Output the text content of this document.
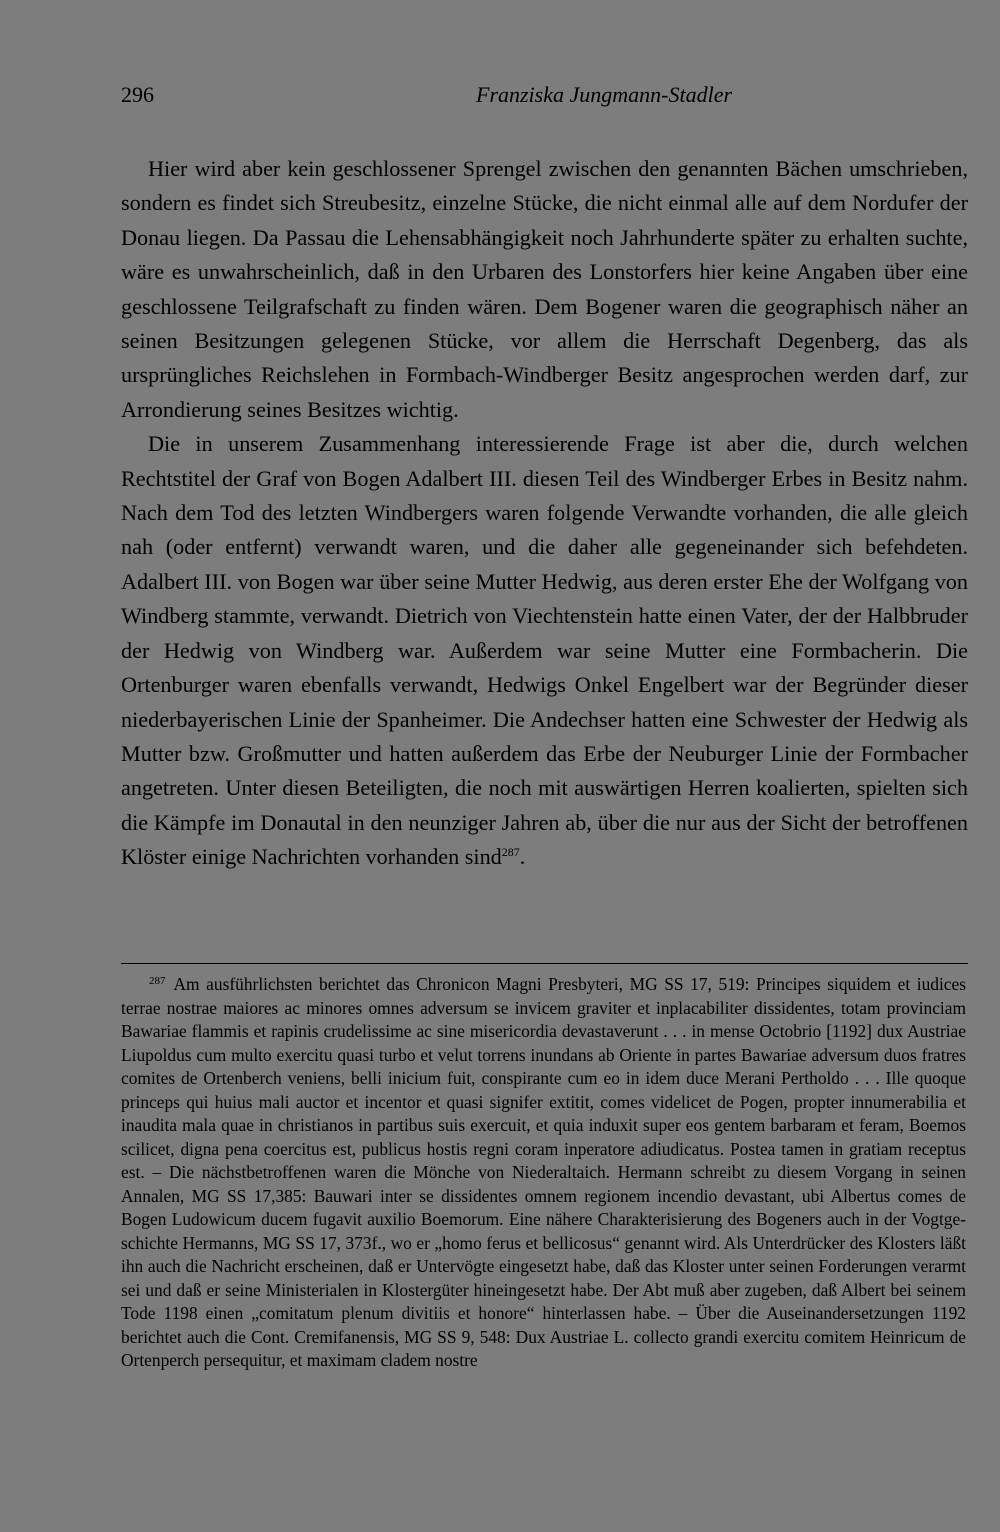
296	Franziska Jungmann-Stadler

Hier wird aber kein geschlossener Sprengel zwischen den genannten Bächen umschrieben, sondern es findet sich Streubesitz, einzelne Stücke, die nicht einmal alle auf dem Nordufer der Donau liegen. Da Passau die Lehensabhängigkeit noch Jahrhunderte später zu erhalten suchte, wäre es unwahrscheinlich, daß in den Urbaren des Lonstorfers hier keine Angaben über eine geschlossene Teilgrafschaft zu finden wären. Dem Bogener waren die geographisch näher an seinen Besitzungen gelegenen Stücke, vor allem die Herrschaft Degenberg, das als ursprüngliches Reichslehen in Formbach-Windberger Besitz angesprochen werden darf, zur Arrondierung seines Besitzes wichtig.

Die in unserem Zusammenhang interessierende Frage ist aber die, durch welchen Rechtstitel der Graf von Bogen Adalbert III. diesen Teil des Windberger Erbes in Besitz nahm. Nach dem Tod des letzten Windbergers waren folgende Verwandte vorhanden, die alle gleich nah (oder entfernt) verwandt waren, und die daher alle gegeneinander sich befehdeten. Adalbert III. von Bogen war über seine Mutter Hedwig, aus deren erster Ehe der Wolfgang von Windberg stammte, verwandt. Dietrich von Viechtenstein hatte einen Vater, der der Halbbruder der Hedwig von Windberg war. Außerdem war seine Mutter eine Formbacherin. Die Ortenburger waren ebenfalls verwandt, Hedwigs Onkel Engelbert war der Begründer dieser niederbayerischen Linie der Spanheimer. Die Andechser hatten eine Schwester der Hedwig als Mutter bzw. Großmutter und hatten außerdem das Erbe der Neuburger Linie der Formbacher angetreten. Unter diesen Beteiligten, die noch mit auswärtigen Herren koalierten, spielten sich die Kämpfe im Donautal in den neunziger Jahren ab, über die nur aus der Sicht der betroffenen Klöster einige Nachrichten vorhanden sind$^{287}$.

$^{287}$ Am ausführlichsten berichtet das Chronicon Magni Presbyteri, MG SS 17, 519: Principes siquidem et iudices terrae nostrae maiores ac minores omnes adversum se invicem graviter et inplacabiliter dissidentes, totam provinciam Bawariae flammis et rapinis crudelissime ac sine misericordia devastaverunt . . . in mense Octobrio [1192] dux Austriae Liupoldus cum multo exercitu quasi turbo et velut torrens inundans ab Oriente in partes Bawariae adversum duos fratres comites de Ortenberch veniens, belli inicium fuit, conspirante cum eo in idem duce Merani Pertholdo . . . Ille quoque princeps qui huius mali auctor et incentor et quasi signifer extitit, comes videlicet de Pogen, propter innumerabilia et inaudita mala quae in christianos in partibus suis exercuit, et quia induxit super eos gentem barbaram et feram, Boemos scilicet, digna pena coercitus est, publicus hostis regni coram inperatore adiudicatus. Postea tamen in gratiam receptus est. – Die nächstbetroffenen waren die Mönche von Niederaltaich. Hermann schreibt zu diesem Vorgang in seinen Annalen, MG SS 17,385: Bauwari inter se dissidentes omnem regionem incendio devastant, ubi Albertus comes de Bogen Ludowicum ducem fugavit auxilio Boemorum. Eine nähere Charakterisierung des Bogeners auch in der Vogtgeschichte Hermanns, MG SS 17, 373f., wo er „homo ferus et bellicosus“ genannt wird. Als Unterdrücker des Klosters läßt ihn auch die Nachricht erscheinen, daß er Untervögte eingesetzt habe, daß das Kloster unter seinen Forderungen verarmt sei und daß er seine Ministerialen in Klostergüter hineingesetzt habe. Der Abt muß aber zugeben, daß Albert bei seinem Tode 1198 einen „comitatum plenum divitiis et honore“ hinterlassen habe. – Über die Auseinandersetzungen 1192 berichtet auch die Cont. Cremifanensis, MG SS 9, 548: Dux Austriae L. collecto grandi exercitu comitem Heinricum de Ortenperch persequitur, et maximam cladem nostre
